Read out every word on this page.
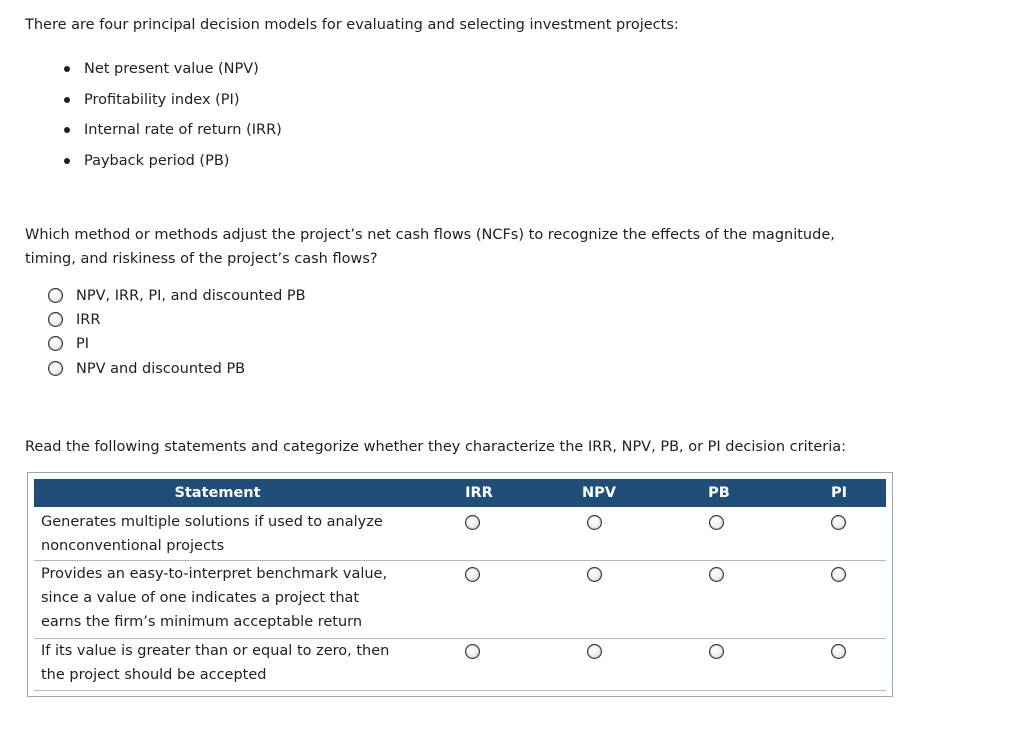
There are four principal decision models for evaluating and selecting investment projects:
Net present value (NPV)
Profitability index (PI)
Internal rate of return (IRR)
Payback period (PB)
Which method or methods adjust the project’s net cash flows (NCFs) to recognize the effects of the magnitude,
timing, and riskiness of the project’s cash flows?
NPV, IRR, PI, and discounted PB
IRR
PI
NPV and discounted PB
Read the following statements and categorize whether they characterize the IRR, NPV, PB, or PI decision criteria:
Statement	IRR	NPV	PB	PI
Generates multiple solutions if used to analyze
nonconventional projects
Provides an easy-to-interpret benchmark value,
since a value of one indicates a project that
earns the firm’s minimum acceptable return
If its value is greater than or equal to zero, then
the project should be accepted
